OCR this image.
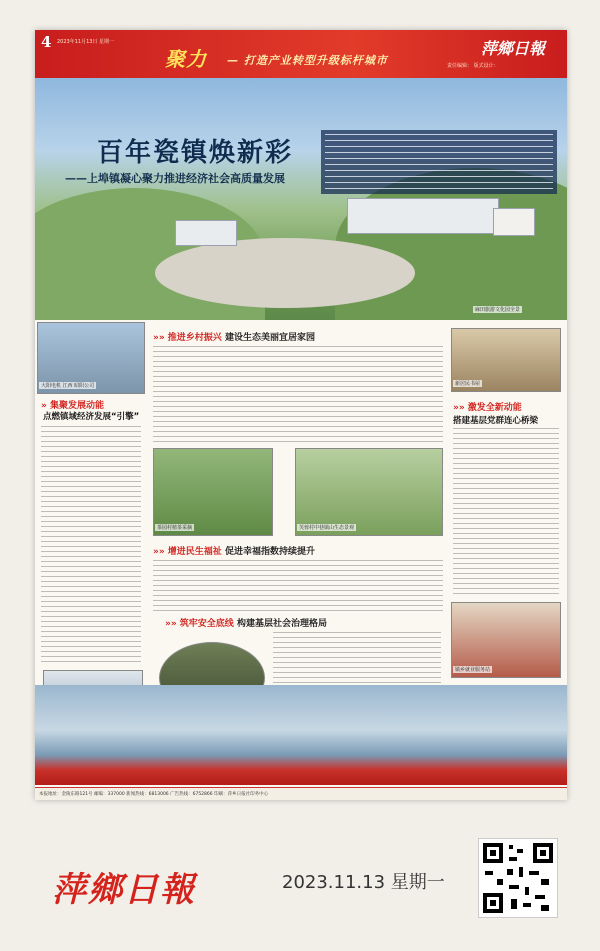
4 2023年11月13日 星期一
聚力 — 打造产业转型升级标杆城市
萍鄉日報
责任编辑： 版式设计：
百年瓷镇焕新彩
——上埠镇凝心聚力推进经济社会高质量发展
麻田旅游文化园全景
大阳电机 江西 昭阳公司
» 集聚发展动能
点燃镇域经济发展“引擎”
»» 推进乡村振兴 建设生态美丽宜居家园
茶园村植茶采摘	芙蓉村中巷镇山生态景观
»» 增进民生福祉 促进幸福指数持续提升
»» 筑牢安全底线 构建基层社会治理格局
新居民书屋
»» 激发全新动能
搭建基层党群连心桥梁
镇乡就业服务站
本报地址：金陵东路121号 邮编：337000 新闻热线：6813006 广告热线：6752866 印刷：萍乡日报社印务中心
萍鄉日報	2023.11.13 星期一
